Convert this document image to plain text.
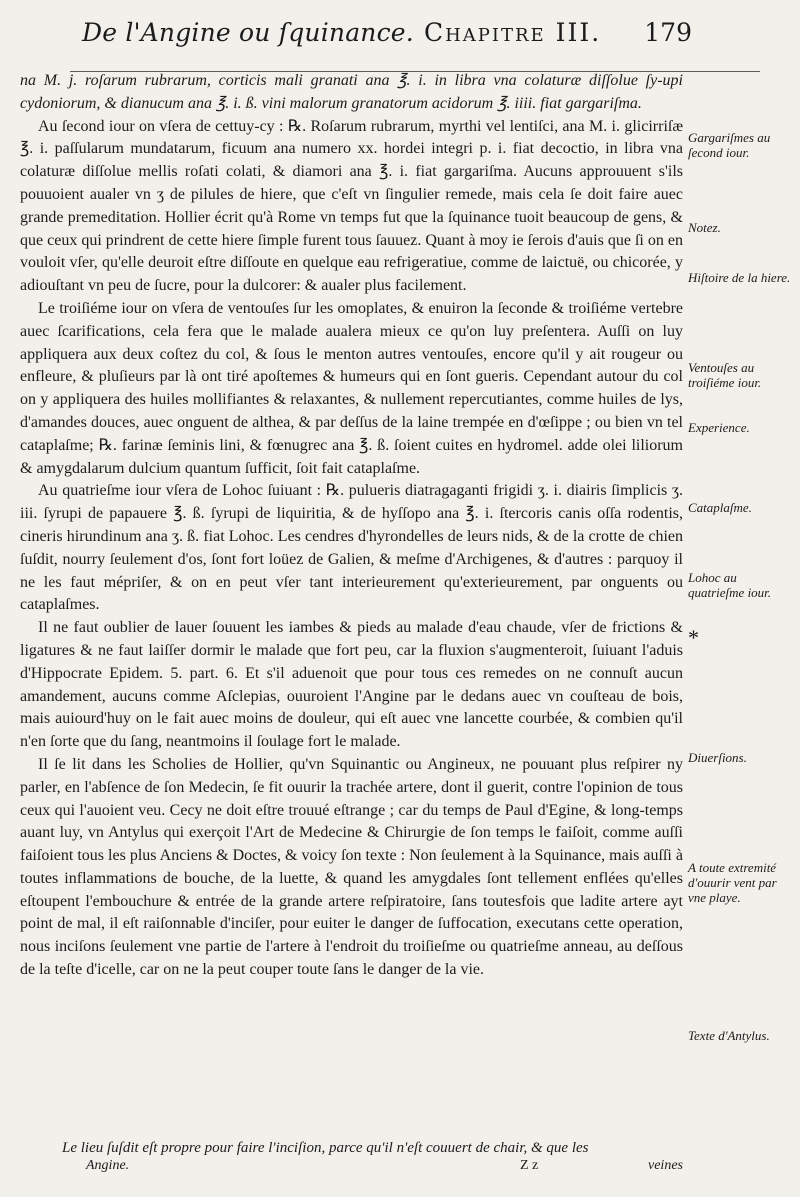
De l'Angine ou ſquinance. Chapitre III. 179

na M. j. roſarum rubrarum, corticis mali granati ana ℥. i. in libra vna colaturæ diſſolue ſy-upi cydoniorum, & dianucum ana ℥. i. ß. vini malorum granatorum acidorum ℥. iiii. fiat gargariſma.

Au ſecond iour on vſera de cettuy-cy : ℞. Roſarum rubrarum, myrthi vel lentiſci, ana M. i. glicirriſæ ℥. i. paſſularum mundatarum, ficuum ana numero xx. hordei integri p. i. fiat decoctio, in libra vna colaturæ diſſolue mellis roſati colati, & diamori ana ℥. i. fiat gargariſma. Aucuns approuuent s'ils pouuoient aualer vn ʒ de pilules de hiere, que c'eſt vn ſingulier remede, mais cela ſe doit faire auec grande premeditation. Hollier écrit qu'à Rome vn temps fut que la ſquinance tuoit beaucoup de gens, & que ceux qui prindrent de cette hiere ſimple furent tous ſauuez. Quant à moy ie ſerois d'auis que ſi on en vouloit vſer, qu'elle deuroit eſtre diſſoute en quelque eau refrigeratiue, comme de laictuë, ou chicorée, y adiouſtant vn peu de ſucre, pour la dulcorer: & aualer plus facilement.

Le troiſiéme iour on vſera de ventouſes ſur les omoplates, & enuiron la ſeconde & troiſiéme vertebre auec ſcarifications, cela fera que le malade aualera mieux ce qu'on luy preſentera. Auſſi on luy appliquera aux deux coſtez du col, & ſous le menton autres ventouſes, encore qu'il y ait rougeur ou enfleure, & pluſieurs par là ont tiré apoſtemes & humeurs qui en ſont gueris. Cependant autour du col on y appliquera des huiles mollifiantes & relaxantes, & nullement repercutiantes, comme huiles de lys, d'amandes douces, auec onguent de althea, & par deſſus de la laine trempée en d'œſippe ; ou bien vn tel cataplaſme; ℞. farinæ ſeminis lini, & fœnugrec ana ℥. ß. ſoient cuites en hydromel. adde olei liliorum & amygdalarum dulcium quantum ſufficit, ſoit fait cataplaſme.

Au quatrieſme iour vſera de Lohoc ſuiuant : ℞. pulueris diatragaganti frigidi ʒ. i. diairis ſimplicis ʒ. iii. ſyrupi de papauere ℥. ß. ſyrupi de liquiritia, & de hyſſopo ana ℥. i. ſtercoris canis oſſa rodentis, cineris hirundinum ana ʒ. ß. fiat Lohoc. Les cendres d'hyrondelles de leurs nids, & de la crotte de chien ſuſdit, nourry ſeulement d'os, ſont fort loüez de Galien, & meſme d'Archigenes, & d'autres : parquoy il ne les faut mépriſer, & on en peut vſer tant interieurement qu'exterieurement, par onguents ou cataplaſmes.

Il ne faut oublier de lauer ſouuent les iambes & pieds au malade d'eau chaude, vſer de frictions & ligatures & ne faut laiſſer dormir le malade que fort peu, car la fluxion s'augmenteroit, ſuiuant l'aduis d'Hippocrate Epidem. 5. part. 6. Et s'il aduenoit que pour tous ces remedes on ne connuſt aucun amandement, aucuns comme Aſclepias, ouuroient l'Angine par le dedans auec vn couſteau de bois, mais auiourd'huy on le fait auec moins de douleur, qui eſt auec vne lancette courbée, & combien qu'il n'en ſorte que du ſang, neantmoins il ſoulage fort le malade.

Il ſe lit dans les Scholies de Hollier, qu'vn Squinantic ou Angineux, ne pouuant plus reſpirer ny parler, en l'abſence de ſon Medecin, ſe fit ouurir la trachée artere, dont il guerit, contre l'opinion de tous ceux qui l'auoient veu. Cecy ne doit eſtre trouué eſtrange ; car du temps de Paul d'Egine, & long-temps auant luy, vn Antylus qui exerçoit l'Art de Medecine & Chirurgie de ſon temps le faiſoit, comme auſſi faiſoient tous les plus Anciens & Doctes, & voicy ſon texte : Non ſeulement à la Squinance, mais auſſi à toutes inflammations de bouche, de la luette, & quand les amygdales ſont tellement enflées qu'elles eſtoupent l'embouchure & entrée de la grande artere reſpiratoire, ſans toutesfois que ladite artere ayt point de mal, il eſt raiſonnable d'inciſer, pour euiter le danger de ſuffocation, executans cette operation, nous inciſons ſeulement vne partie de l'artere à l'endroit du troiſieſme ou quatrieſme anneau, au deſſous de la teſte d'icelle, car on ne la peut couper toute ſans le danger de la vie.

Gargariſmes au ſecond iour.
Notez.
Hiſtoire de la hiere.
Ventouſes au troiſiéme iour.
Experience.
Cataplaſme.
Lohoc au quatrieſme iour.
*
Diuerſions.
A toute extremité d'ouurir vent par vne playe.
Texte d'Antylus.
Le lieu ſuſdit eſt propre pour faire l'inciſion, parce qu'il n'eſt couuert de chair, & que les
Angine.	Z z	veines
